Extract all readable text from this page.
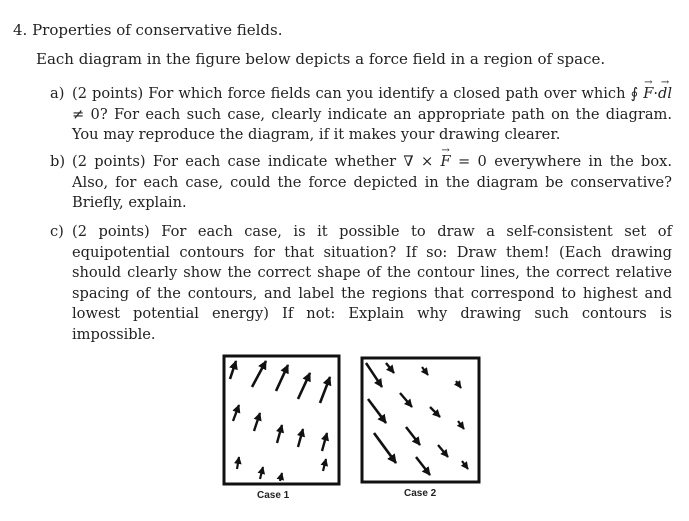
4. Properties of conservative fields.
Each diagram in the figure below depicts a force field in a region of space.
a) (2 points) For which force fields can you identify a closed path over which ∮ → F·→ dl ≠ 0? For each such case, clearly indicate an appropriate path on the diagram. You may reproduce the diagram, if it makes your drawing clearer.
b) (2 points) For each case indicate whether ∇ × → F = 0 everywhere in the box. Also, for each case, could the force depicted in the diagram be conservative? Briefly, explain.
c) (2 points) For each case, is it possible to draw a self-consistent set of equipotential contours for that situation? If so: Draw them! (Each drawing should clearly show the correct shape of the contour lines, the correct relative spacing of the contours, and label the regions that correspond to highest and lowest potential energy) If not: Explain why drawing such contours is impossible.
Case 1	Case 2
